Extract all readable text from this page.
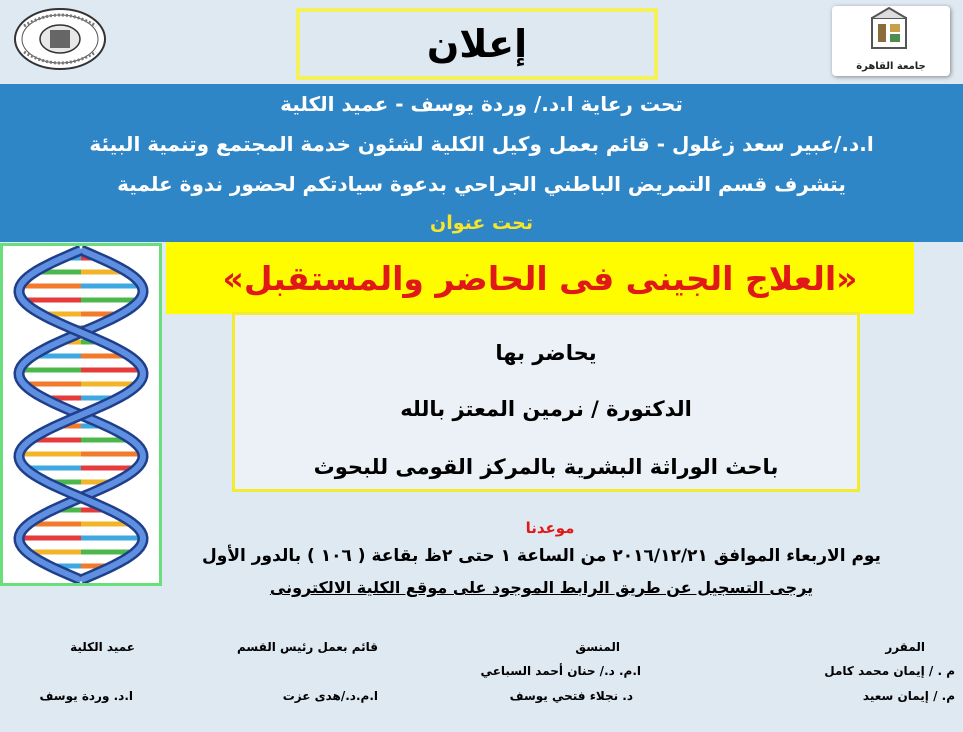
جامعة القاهرة
إعلان
تحت رعاية ا.د./ وردة يوسف - عميد الكلية
ا.د./عبير سعد زغلول - قائم بعمل وكيل الكلية لشئون خدمة المجتمع وتنمية البيئة
يتشرف قسم التمريض الباطني الجراحي بدعوة سيادتكم لحضور ندوة علمية
تحت عنوان
«العلاج الجينى فى الحاضر والمستقبل»
يحاضر بها
الدكتورة / نرمين المعتز بالله
باحث الوراثة البشرية بالمركز القومى للبحوث
موعدنا
يوم الاربعاء الموافق ٢٠١٦/١٢/٢١ من الساعة ١ حتى ٢ظ بقاعة ( ١٠٦ ) بالدور الأول
يرجى التسجيل عن طريق الرابط الموجود على موقع الكلية الالكترونى
المقرر
م . / إيمان محمد كامل
م. / إيمان سعيد
المنسق
ا.م. د./ حنان أحمد السباعي
د. نجلاء فتحي يوسف
قائم بعمل رئيس القسم
ا.م.د./هدى عزت
عميد الكلية
ا.د. وردة يوسف
